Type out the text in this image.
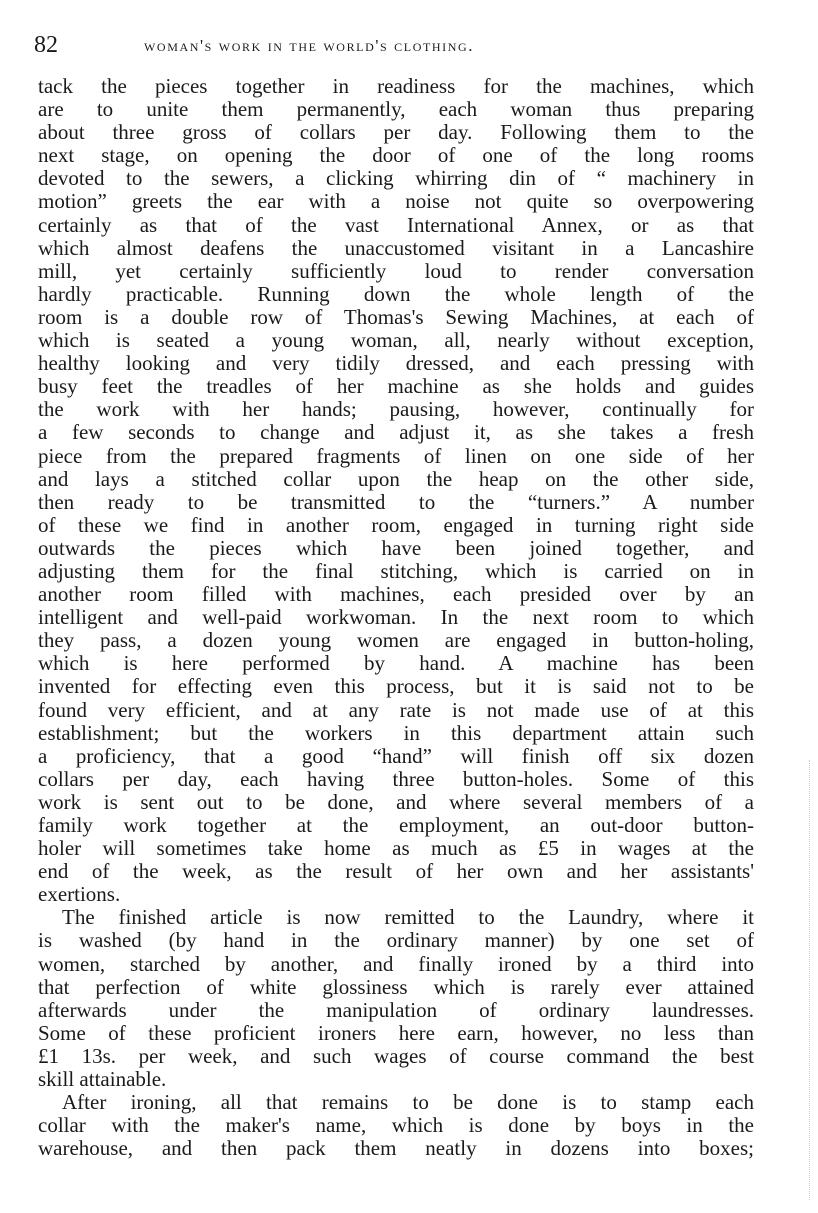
82	woman's work in the world's clothing.
tack the pieces together in readiness for the machines, which
are to unite them permanently, each woman thus preparing
about three gross of collars per day. Following them to the
next stage, on opening the door of one of the long rooms
devoted to the sewers, a clicking whirring din of “ machinery in
motion” greets the ear with a noise not quite so overpowering
certainly as that of the vast International Annex, or as that
which almost deafens the unaccustomed visitant in a Lancashire
mill, yet certainly sufficiently loud to render conversation
hardly practicable. Running down the whole length of the
room is a double row of Thomas's Sewing Machines, at each of
which is seated a young woman, all, nearly without exception,
healthy looking and very tidily dressed, and each pressing with
busy feet the treadles of her machine as she holds and guides
the work with her hands; pausing, however, continually for
a few seconds to change and adjust it, as she takes a fresh
piece from the prepared fragments of linen on one side of her
and lays a stitched collar upon the heap on the other side,
then ready to be transmitted to the “turners.” A number
of these we find in another room, engaged in turning right side
outwards the pieces which have been joined together, and
adjusting them for the final stitching, which is carried on in
another room filled with machines, each presided over by an
intelligent and well-paid workwoman. In the next room to which
they pass, a dozen young women are engaged in button-holing,
which is here performed by hand. A machine has been
invented for effecting even this process, but it is said not to be
found very efficient, and at any rate is not made use of at this
establishment; but the workers in this department attain such
a proficiency, that a good “hand” will finish off six dozen
collars per day, each having three button-holes. Some of this
work is sent out to be done, and where several members of a
family work together at the employment, an out-door button-
holer will sometimes take home as much as £5 in wages at the
end of the week, as the result of her own and her assistants'
exertions.
The finished article is now remitted to the Laundry, where it
is washed (by hand in the ordinary manner) by one set of
women, starched by another, and finally ironed by a third into
that perfection of white glossiness which is rarely ever attained
afterwards under the manipulation of ordinary laundresses.
Some of these proficient ironers here earn, however, no less than
£1 13s. per week, and such wages of course command the best
skill attainable.
After ironing, all that remains to be done is to stamp each
collar with the maker's name, which is done by boys in the
warehouse, and then pack them neatly in dozens into boxes;
